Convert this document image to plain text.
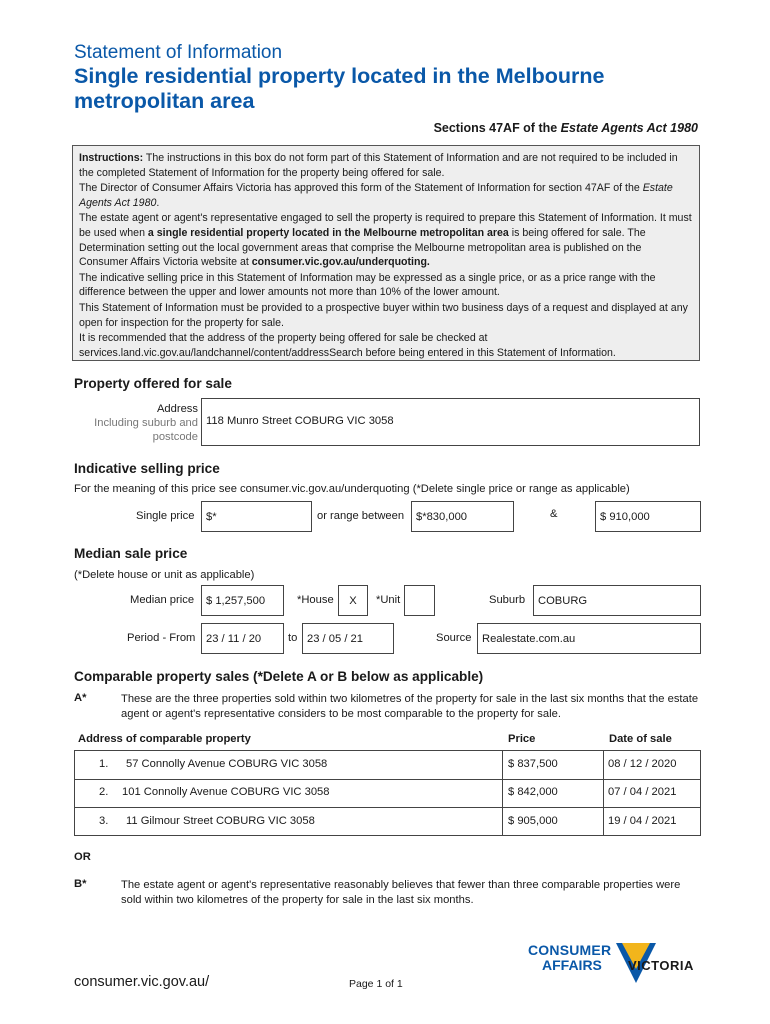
Statement of Information
Single residential property located in the Melbourne metropolitan area
Sections 47AF of the Estate Agents Act 1980

Instructions: The instructions in this box do not form part of this Statement of Information and are not required to be included in the completed Statement of Information for the property being offered for sale.

The Director of Consumer Affairs Victoria has approved this form of the Statement of Information for section 47AF of the Estate Agents Act 1980.

The estate agent or agent's representative engaged to sell the property is required to prepare this Statement of Information. It must be used when a single residential property located in the Melbourne metropolitan area is being offered for sale. The Determination setting out the local government areas that comprise the Melbourne metropolitan area is published on the Consumer Affairs Victoria website at consumer.vic.gov.au/underquoting.

The indicative selling price in this Statement of Information may be expressed as a single price, or as a price range with the difference between the upper and lower amounts not more than 10% of the lower amount.

This Statement of Information must be provided to a prospective buyer within two business days of a request and displayed at any open for inspection for the property for sale.

It is recommended that the address of the property being offered for sale be checked at services.land.vic.gov.au/landchannel/content/addressSearch before being entered in this Statement of Information.

Property offered for sale
Address
Including suburb and
postcode
118 Munro Street COBURG VIC 3058
Indicative selling price
For the meaning of this price see consumer.vic.gov.au/underquoting (*Delete single price or range as applicable)
Single price $*	or range between $*830,000	&	$ 910,000
Median sale price
(*Delete house or unit as applicable)
Median price $ 1,257,500	*House X *Unit	Suburb COBURG
Period - From 23 / 11 / 20 to 23 / 05 / 21	Source Realestate.com.au
Comparable property sales (*Delete A or B below as applicable)
A*	These are the three properties sold within two kilometres of the property for sale in the last six months that the estate agent or agent's representative considers to be most comparable to the property for sale.
Address of comparable property	Price	Date of sale
1. 57 Connolly Avenue COBURG VIC 3058	$ 837,500	08 / 12 / 2020
2. 101 Connolly Avenue COBURG VIC 3058	$ 842,000	07 / 04 / 2021
3. 11 Gilmour Street COBURG VIC 3058	$ 905,000	19 / 04 / 2021
OR
B*	The estate agent or agent's representative reasonably believes that fewer than three comparable properties were sold within two kilometres of the property for sale in the last six months.
consumer.vic.gov.au/	Page 1 of 1
CONSUMER
AFFAIRS VICTORIA
